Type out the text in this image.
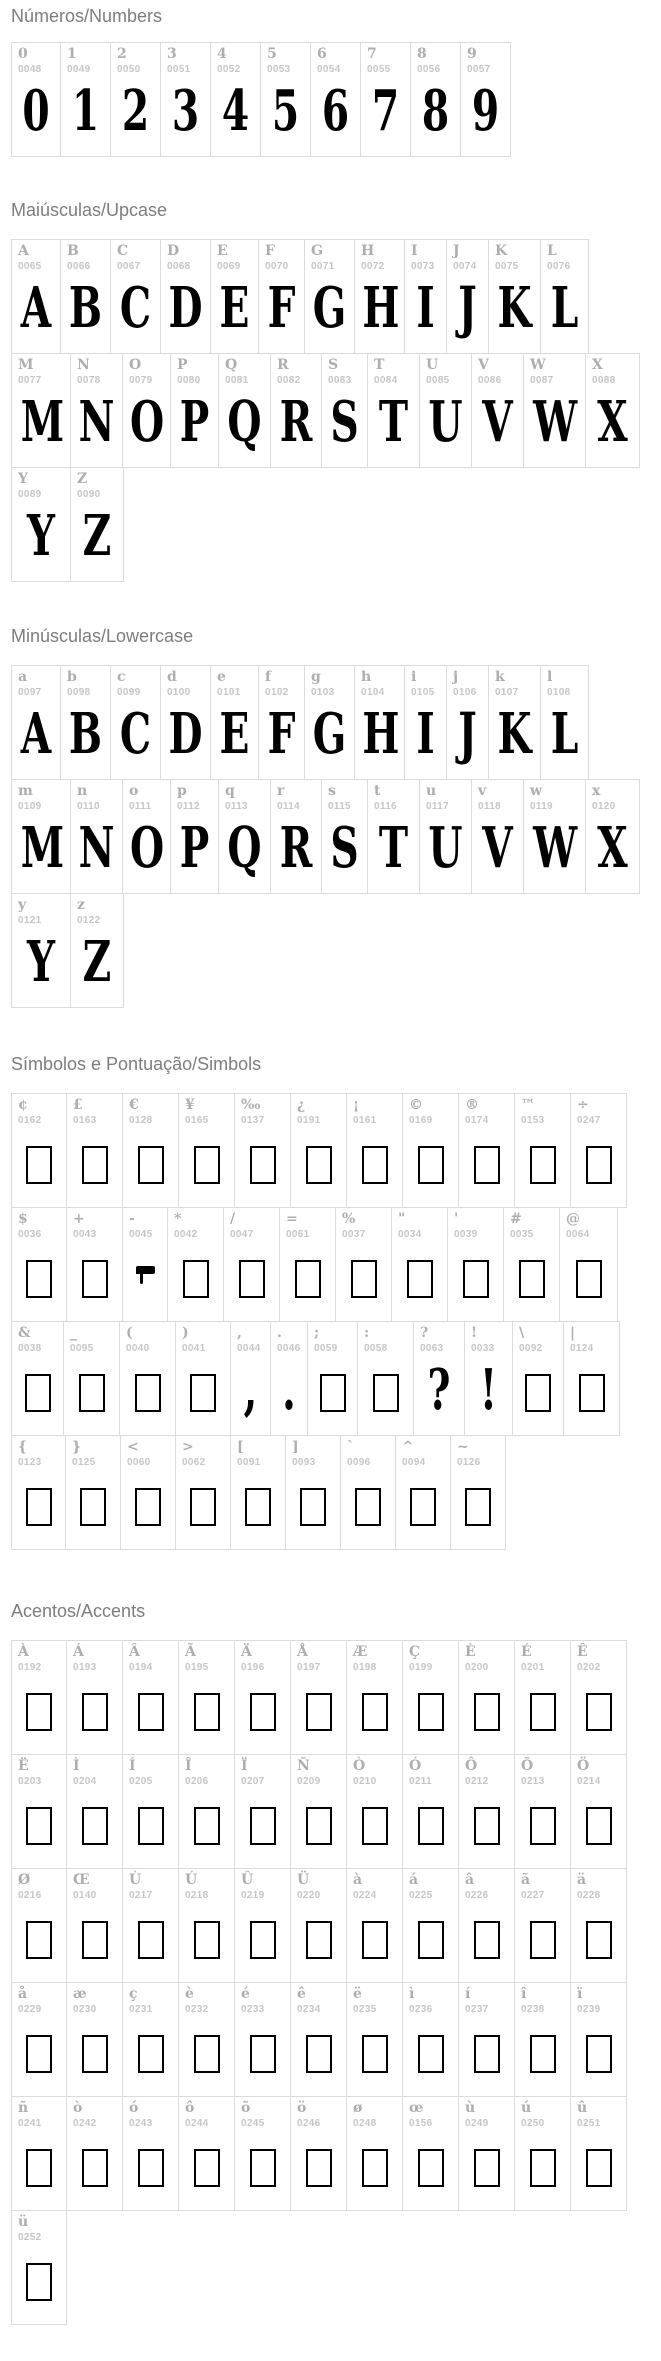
Números/Numbers
0
0048
0
1
0049
1
2
0050
2
3
0051
3
4
0052
4
5
0053
5
6
0054
6
7
0055
7
8
0056
8
9
0057
9
Maiúsculas/Upcase
A
0065
A
B
0066
B
C
0067
C
D
0068
D
E
0069
E
F
0070
F
G
0071
G
H
0072
H
I
0073
I
J
0074
J
K
0075
K
L
0076
L
M
0077
M
N
0078
N
O
0079
O
P
0080
P
Q
0081
Q
R
0082
R
S
0083
S
T
0084
T
U
0085
U
V
0086
V
W
0087
W
X
0088
X
Y
0089
Y
Z
0090
Z
Minúsculas/Lowercase
a
0097
A
b
0098
B
c
0099
C
d
0100
D
e
0101
E
f
0102
F
g
0103
G
h
0104
H
i
0105
I
j
0106
J
k
0107
K
l
0108
L
m
0109
M
n
0110
N
o
0111
O
p
0112
P
q
0113
Q
r
0114
R
s
0115
S
t
0116
T
u
0117
U
v
0118
V
w
0119
W
x
0120
X
y
0121
Y
z
0122
Z
Símbolos e Pontuação/Simbols
¢
0162
£
0163
€
0128
¥
0165
‰
0137
¿
0191
¡
0161
©
0169
®
0174
™
0153
÷
0247
$
0036
+
0043
-
0045
*
0042
/
0047
=
0061
%
0037
"
0034
'
0039
#
0035
@
0064
&
0038
_
0095
(
0040
)
0041
,
0044
,
.
0046
.
;
0059
:
0058
?
0063
?
!
0033
!
\
0092
|
0124
{
0123
}
0125
<
0060
>
0062
[
0091
]
0093
`
0096
^
0094
~
0126
Acentos/Accents
À
0192
Á
0193
Â
0194
Ã
0195
Ä
0196
Å
0197
Æ
0198
Ç
0199
È
0200
É
0201
Ê
0202
Ë
0203
Ì
0204
Í
0205
Î
0206
Ï
0207
Ñ
0209
Ò
0210
Ó
0211
Ô
0212
Õ
0213
Ö
0214
Ø
0216
Œ
0140
Ù
0217
Ú
0218
Û
0219
Ü
0220
à
0224
á
0225
â
0226
ã
0227
ä
0228
å
0229
æ
0230
ç
0231
è
0232
é
0233
ê
0234
ë
0235
ì
0236
í
0237
î
0238
ï
0239
ñ
0241
ò
0242
ó
0243
ô
0244
õ
0245
ö
0246
ø
0248
œ
0156
ù
0249
ú
0250
û
0251
ü
0252
